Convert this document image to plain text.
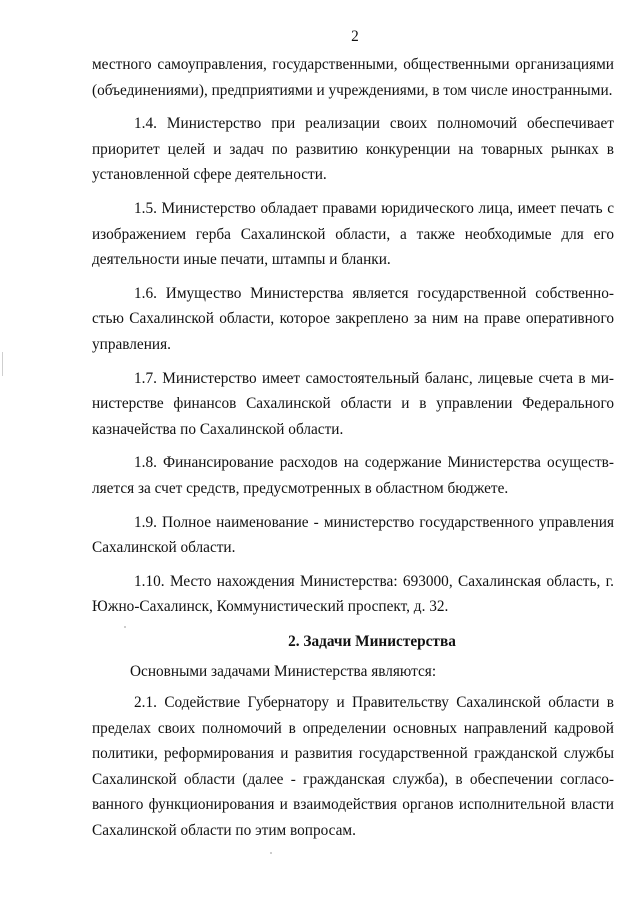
2

местного самоуправления, государственными, общественными организациями (объединениями), предприятиями и учреждениями, в том числе иностранными.

1.4. Министерство при реализации своих полномочий обеспечивает приоритет целей и задач по развитию конкуренции на товарных рынках в установленной сфере деятельности.

1.5. Министерство обладает правами юридического лица, имеет печать с изображением герба Сахалинской области, а также необходимые для его деятельности иные печати, штампы и бланки.

1.6. Имущество Министерства является государственной собственностью Сахалинской области, которое закреплено за ним на праве оперативного управления.

1.7. Министерство имеет самостоятельный баланс, лицевые счета в министерстве финансов Сахалинской области и в управлении Федерального казначейства по Сахалинской области.

1.8. Финансирование расходов на содержание Министерства осуществляется за счет средств, предусмотренных в областном бюджете.

1.9. Полное наименование - министерство государственного управления Сахалинской области.

1.10. Место нахождения Министерства: 693000, Сахалинская область, г. Южно-Сахалинск, Коммунистический проспект, д. 32.

2. Задачи Министерства

Основными задачами Министерства являются:

2.1. Содействие Губернатору и Правительству Сахалинской области в пределах своих полномочий в определении основных направлений кадровой политики, реформирования и развития государственной гражданской службы Сахалинской области (далее - гражданская служба), в обеспечении согласованного функционирования и взаимодействия органов исполнительной власти Сахалинской области по этим вопросам.
